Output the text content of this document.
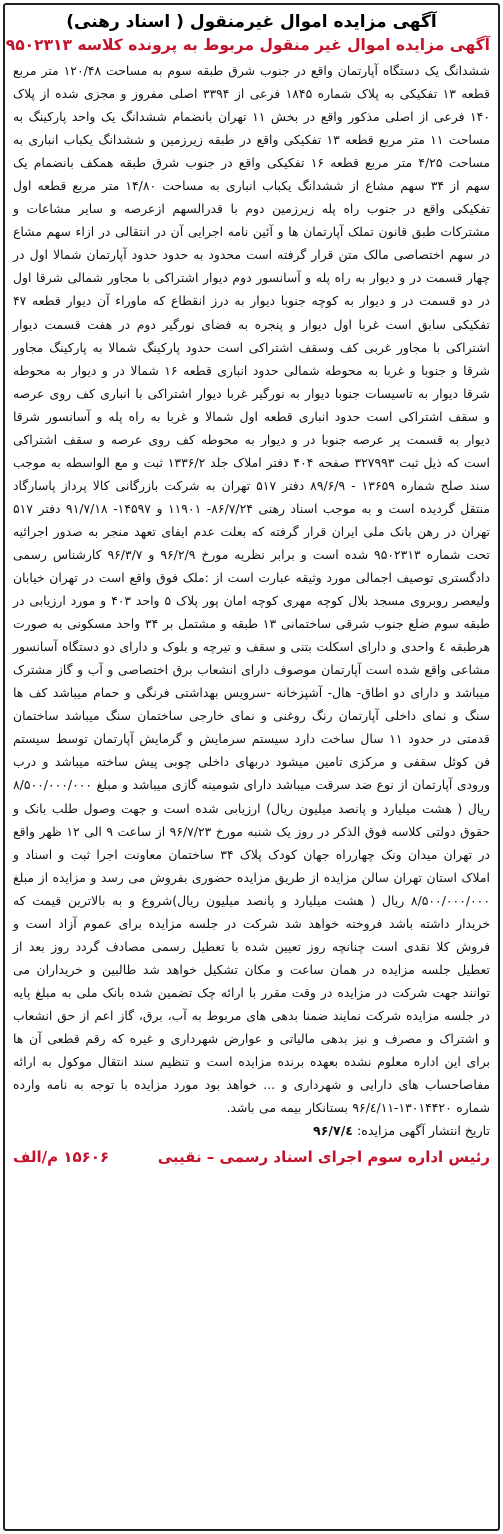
آگهی مزایده اموال غیرمنقول ( اسناد رهنی)
آگهی مزایده اموال غیر منقول مربوط به پرونده کلاسه ۹۵۰۲۳۱۳

ششدانگ یک دستگاه آپارتمان واقع در جنوب شرق طبقه سوم به مساحت ۱۲۰/۴۸ متر مربع قطعه ۱۳ تفکیکی به پلاک شماره ۱۸۴۵ فرعی از ۳۳۹۴ اصلی مفروز و مجزی شده از پلاک ۱۴۰ فرعی از اصلی مذکور واقع در بخش ۱۱ تهران بانضمام ششدانگ یک واحد پارکینگ به مساحت ۱۱ متر مربع قطعه ۱۳ تفکیکی واقع در طبقه زیرزمین و ششدانگ یکباب انباری به مساحت ۴/۲۵ متر مربع قطعه ۱۶ تفکیکی واقع در جنوب شرق طبقه همکف بانضمام یک سهم از ۳۴ سهم مشاع از ششدانگ یکباب انباری به مساحت ۱۴/۸۰ متر مربع قطعه اول تفکیکی واقع در جنوب راه پله زیرزمین دوم با قدرالسهم ازعرصه و سایر مشاعات و مشترکات طبق قانون تملک آپارتمان ها و آئین نامه اجرایی آن در انتقالی در ازاء سهم مشاع در سهم اختصاصی مالک متن قرار گرفته است محدود به حدود حدود آپارتمان شمالا اول در چهار قسمت در و دیوار به راه پله و آسانسور دوم دیوار اشتراکی با مجاور شمالی شرقا اول در دو قسمت در و دیوار به کوچه جنوبا دیوار به درز انقطاع که ماوراء آن دیوار قطعه ۴۷ تفکیکی سابق است غربا اول دیوار و پنجره به فضای نورگیر دوم در هفت قسمت دیوار اشتراکی با مجاور غربی کف وسقف اشتراکی است حدود پارکینگ شمالا به پارکینگ مجاور شرقا و جنوبا و غربا به محوطه شمالی حدود انباری قطعه ۱۶ شمالا در و دیوار به محوطه شرقا دیوار به تاسیسات جنوبا دیوار به نورگیر غربا دیوار اشتراکی با انباری کف روی عرصه و سقف اشتراکی است حدود انباری قطعه اول شمالا و غربا به راه پله و آسانسور شرقا دیوار به قسمت پر عرصه جنوبا در و دیوار به محوطه کف روی عرصه و سقف اشتراکی است که ذیل ثبت ۳۲۷۹۹۳ صفحه ۴۰۴ دفتر املاک جلد ۱۳۳۶/۲ ثبت و مع الواسطه به موجب سند صلح شماره ۱۳۶۵۹ - ۸۹/۶/۹ دفتر ۵۱۷ تهران به شرکت بازرگانی کالا پرداز پاسارگاد منتقل گردیده است و به موجب اسناد رهنی ۸۶/۷/۲۴- ۱۱۹۰۱ و ۱۴۵۹۷- ۹۱/۷/۱۸ دفتر ۵۱۷ تهران در رهن بانک ملی ایران قرار گرفته که بعلت عدم ایفای تعهد منجر به صدور اجرائیه تحت شماره ۹۵۰۲۳۱۳ شده است و برابر نظریه مورخ ۹۶/۲/۹ و ۹۶/۳/۷ کارشناس رسمی دادگستری توصیف اجمالی مورد وثیقه عبارت است از :ملک فوق واقع است در تهران خیابان ولیعصر روبروی مسجد بلال کوچه مهری کوچه امان پور پلاک ۵ واحد ۴۰۳ و مورد ارزیابی در طبقه سوم ضلع جنوب شرقی ساختمانی ۱۳ طبقه و مشتمل بر ۳۴ واحد مسکونی به صورت هرطبقه ٤ واحدی و دارای اسکلت بتنی و سقف و تیرچه و بلوک و دارای دو دستگاه آسانسور مشاعی واقع شده است آپارتمان موصوف دارای انشعاب برق اختصاصی و آب و گاز مشترک میباشد و دارای دو اطاق- هال- آشپزخانه -سرویس بهداشتی فرنگی و حمام میباشد کف ها سنگ و نمای داخلی آپارتمان رنگ روغنی و نمای خارجی ساختمان سنگ میباشد ساختمان قدمتی در حدود ۱۱ سال ساخت دارد سیستم سرمایش و گرمایش آپارتمان توسط سیستم فن کوئل سقفی و مرکزی تامین میشود دربهای داخلی چوبی پیش ساخته میباشد و درب ورودی آپارتمان از نوع ضد سرقت میباشد دارای شومینه گازی میباشد و مبلغ ۸/۵۰۰/۰۰۰/۰۰۰ ریال ( هشت میلیارد و پانصد میلیون ریال) ارزیابی شده است و جهت وصول طلب بانک و حقوق دولتی کلاسه فوق الذکر در روز یک شنبه مورخ ۹۶/۷/۲۳ از ساعت ۹ الی ۱۲ ظهر واقع در تهران میدان ونک چهارراه جهان کودک پلاک ۳۴ ساختمان معاونت اجرا ثبت و اسناد و املاک استان تهران سالن مزایده از طریق مزایده حضوری بفروش می رسد و مزایده از مبلغ ۸/۵۰۰/۰۰۰/۰۰۰ ریال ( هشت میلیارد و پانصد میلیون ریال)شروع و به بالاترین قیمت که خریدار داشته باشد فروخته خواهد شد شرکت در جلسه مزایده برای عموم آزاد است و فروش کلا نقدی است چنانچه روز تعیین شده با تعطیل رسمی مصادف گردد روز بعد از تعطیل جلسه مزایده در همان ساعت و مکان تشکیل خواهد شد طالبین و خریداران می توانند جهت شرکت در مزایده در وقت مقرر با ارائه چک تضمین شده بانک ملی به مبلغ پایه در جلسه مزایده شرکت نمایند ضمنا بدهی های مربوط به آب، برق، گاز اعم از حق انشعاب و اشتراک و مصرف و نیز بدهی مالیاتی و عوارض شهرداری و غیره که رقم قطعی آن ها برای این اداره معلوم نشده بعهده برنده مزایده است و تنظیم سند انتقال موکول به ارائه مفاصاحساب های دارایی و شهرداری و ... خواهد بود مورد مزایده با توجه به نامه وارده شماره ۱۳۰۱۴۴۲۰-۹۶/٤/۱۱ بستانکار بیمه می باشد.

تاریخ انتشار آگهی مزایده: ۹۶/۷/٤
رئیس اداره سوم اجرای اسناد رسمی – نقیبی
۱۵۶۰۶ م/الف
